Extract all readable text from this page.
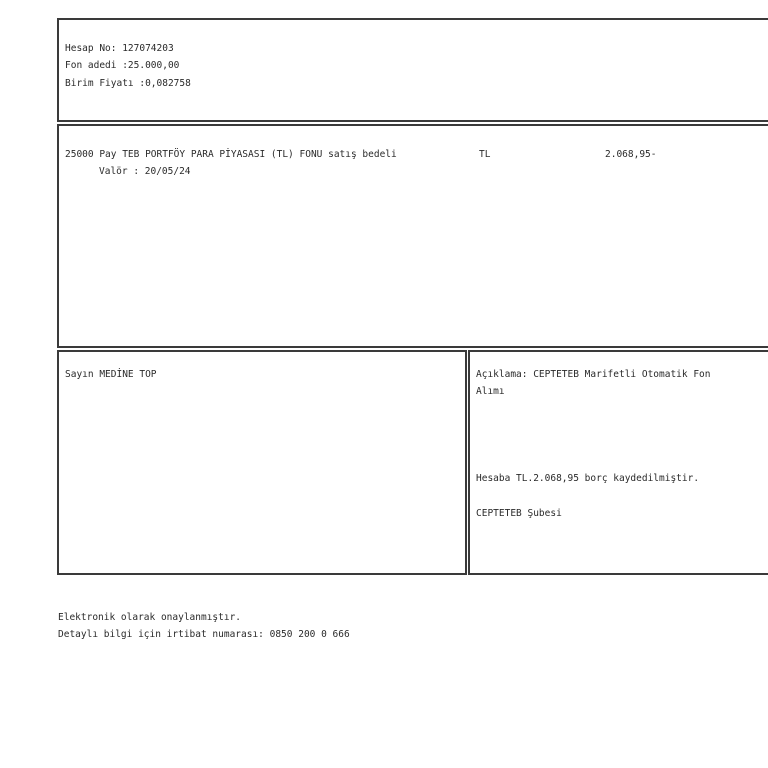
Hesap No: 127074203
Fon adedi :25.000,00
Birim Fiyatı :0,082758
25000 Pay TEB PORTFÖY PARA PİYASASI (TL) FONU satış bedeli	TL	2.068,95-
Valör : 20/05/24
Sayın MEDİNE TOP	Açıklama: CEPTETEB Marifetli Otomatik Fon
Alımı
Hesaba TL.2.068,95 borç kaydedilmiştir.
CEPTETEB Şubesi
Elektronik olarak onaylanmıştır.
Detaylı bilgi için irtibat numarası: 0850 200 0 666
